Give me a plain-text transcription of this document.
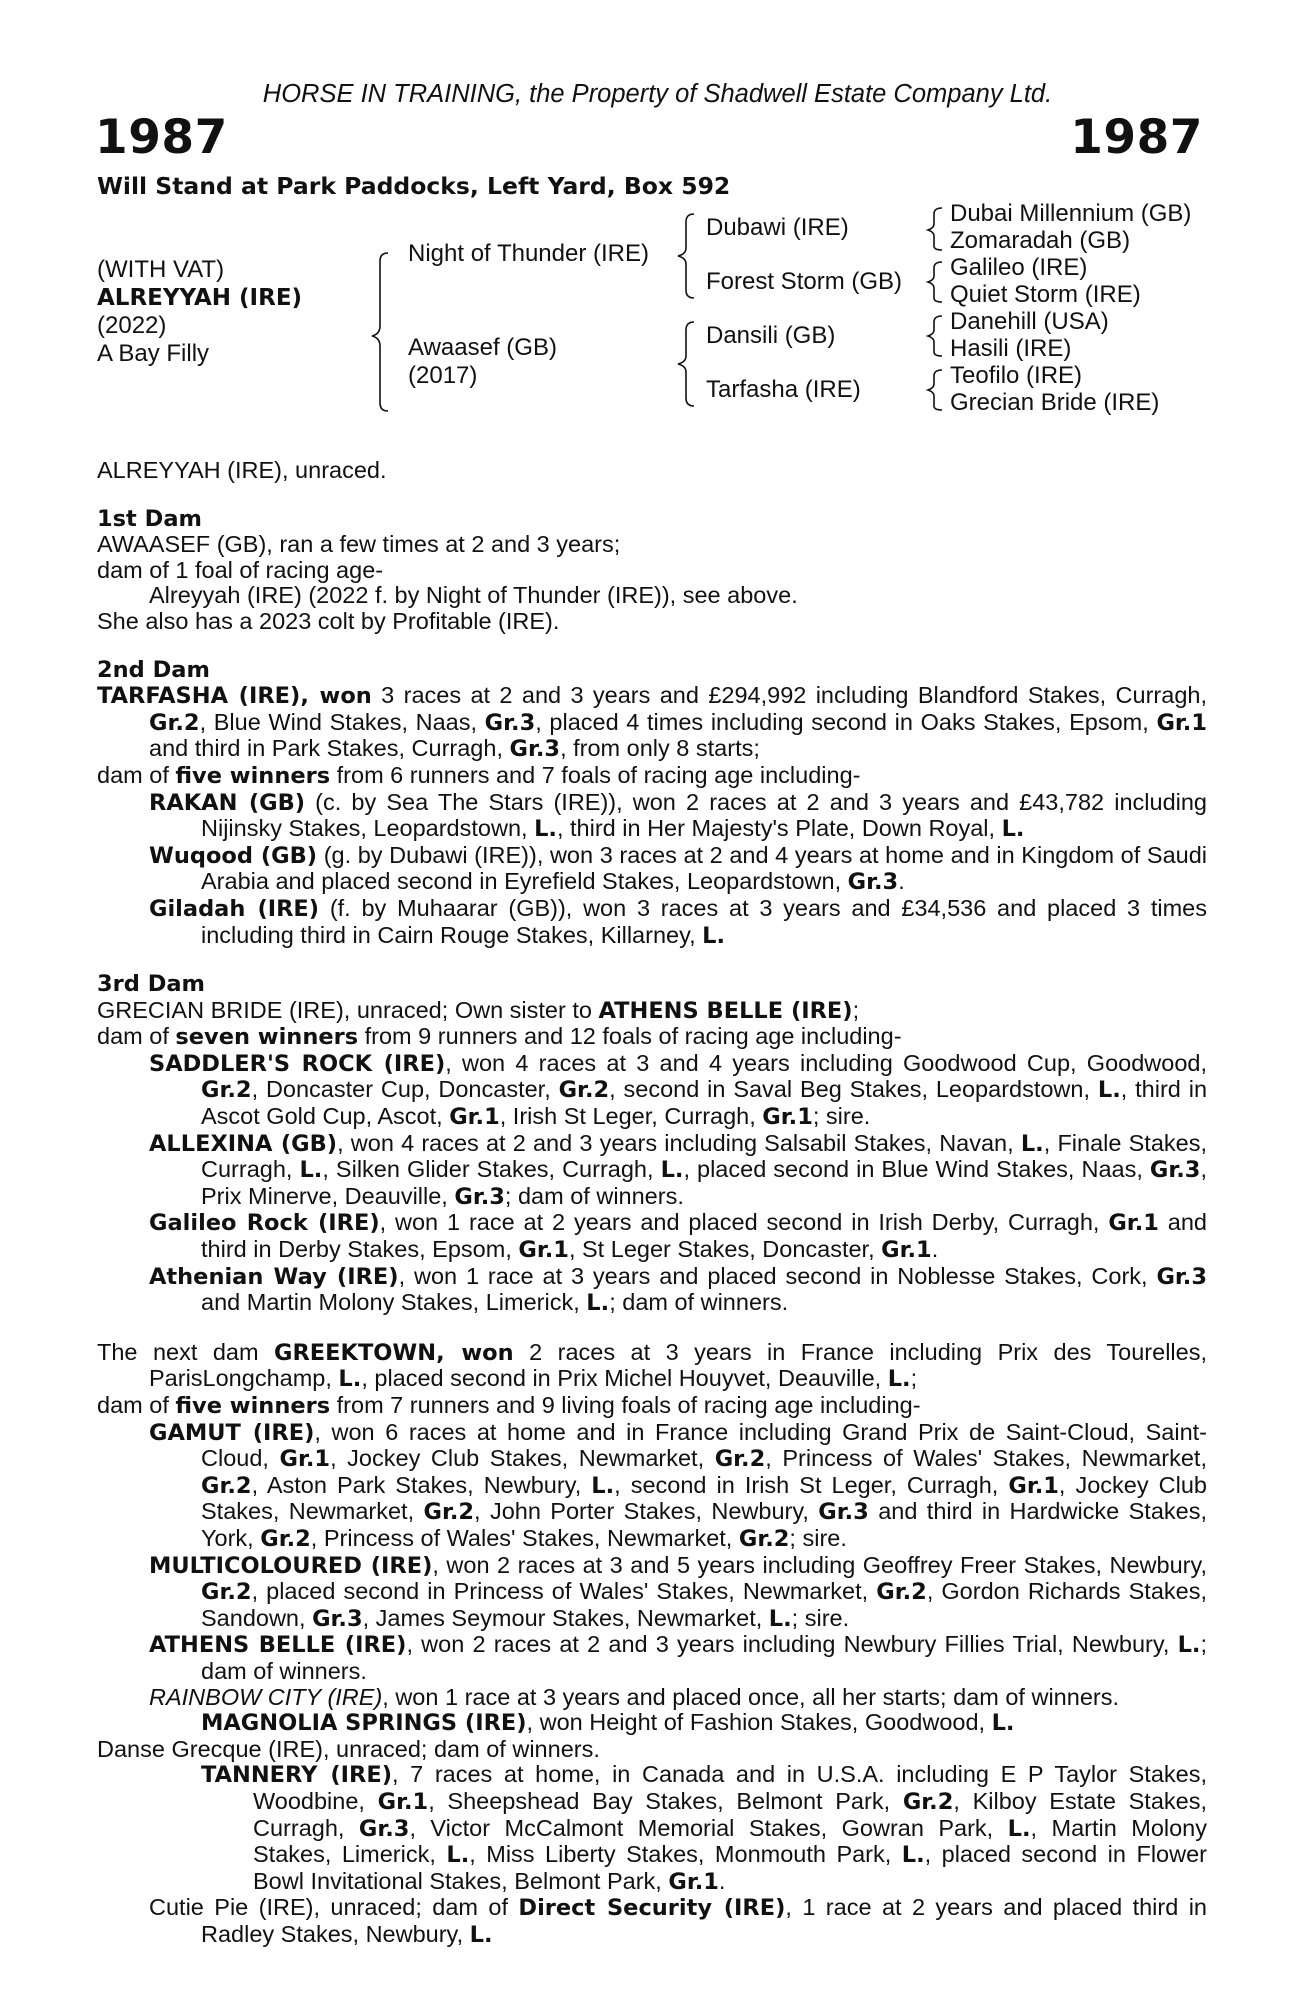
HORSE IN TRAINING, the Property of Shadwell Estate Company Ltd.
1987	1987
Will Stand at Park Paddocks, Left Yard, Box 592
(WITH VAT)
ALREYYAH (IRE)
(2022)
A Bay Filly
Night of Thunder (IRE)
Awaasef (GB)
(2017)
Dubawi (IRE)
Forest Storm (GB)
Dansili (GB)
Tarfasha (IRE)
Dubai Millennium (GB)
Zomaradah (GB)
Galileo (IRE)
Quiet Storm (IRE)
Danehill (USA)
Hasili (IRE)
Teofilo (IRE)
Grecian Bride (IRE)

ALREYYAH (IRE), unraced.

1st Dam

AWAASEF (GB), ran a few times at 2 and 3 years;

dam of 1 foal of racing age-

Alreyyah (IRE) (2022 f. by Night of Thunder (IRE)), see above.

She also has a 2023 colt by Profitable (IRE).

2nd Dam

TARFASHA (IRE), won 3 races at 2 and 3 years and £294,992 including Blandford Stakes, Curragh, Gr.2, Blue Wind Stakes, Naas, Gr.3, placed 4 times including second in Oaks Stakes, Epsom, Gr.1 and third in Park Stakes, Curragh, Gr.3, from only 8 starts;

dam of five winners from 6 runners and 7 foals of racing age including-

RAKAN (GB) (c. by Sea The Stars (IRE)), won 2 races at 2 and 3 years and £43,782 including Nijinsky Stakes, Leopardstown, L., third in Her Majesty's Plate, Down Royal, L.

Wuqood (GB) (g. by Dubawi (IRE)), won 3 races at 2 and 4 years at home and in Kingdom of Saudi Arabia and placed second in Eyrefield Stakes, Leopardstown, Gr.3.

Giladah (IRE) (f. by Muhaarar (GB)), won 3 races at 3 years and £34,536 and placed 3 times including third in Cairn Rouge Stakes, Killarney, L.

3rd Dam

GRECIAN BRIDE (IRE), unraced; Own sister to ATHENS BELLE (IRE);

dam of seven winners from 9 runners and 12 foals of racing age including-

SADDLER'S ROCK (IRE), won 4 races at 3 and 4 years including Goodwood Cup, Goodwood, Gr.2, Doncaster Cup, Doncaster, Gr.2, second in Saval Beg Stakes, Leopardstown, L., third in Ascot Gold Cup, Ascot, Gr.1, Irish St Leger, Curragh, Gr.1; sire.

ALLEXINA (GB), won 4 races at 2 and 3 years including Salsabil Stakes, Navan, L., Finale Stakes, Curragh, L., Silken Glider Stakes, Curragh, L., placed second in Blue Wind Stakes, Naas, Gr.3, Prix Minerve, Deauville, Gr.3; dam of winners.

Galileo Rock (IRE), won 1 race at 2 years and placed second in Irish Derby, Curragh, Gr.1 and third in Derby Stakes, Epsom, Gr.1, St Leger Stakes, Doncaster, Gr.1.

Athenian Way (IRE), won 1 race at 3 years and placed second in Noblesse Stakes, Cork, Gr.3 and Martin Molony Stakes, Limerick, L.; dam of winners.

The next dam GREEKTOWN, won 2 races at 3 years in France including Prix des Tourelles, ParisLongchamp, L., placed second in Prix Michel Houyvet, Deauville, L.;

dam of five winners from 7 runners and 9 living foals of racing age including-

GAMUT (IRE), won 6 races at home and in France including Grand Prix de Saint-Cloud, Saint-Cloud, Gr.1, Jockey Club Stakes, Newmarket, Gr.2, Princess of Wales' Stakes, Newmarket, Gr.2, Aston Park Stakes, Newbury, L., second in Irish St Leger, Curragh, Gr.1, Jockey Club Stakes, Newmarket, Gr.2, John Porter Stakes, Newbury, Gr.3 and third in Hardwicke Stakes, York, Gr.2, Princess of Wales' Stakes, Newmarket, Gr.2; sire.

MULTICOLOURED (IRE), won 2 races at 3 and 5 years including Geoffrey Freer Stakes, Newbury, Gr.2, placed second in Princess of Wales' Stakes, Newmarket, Gr.2, Gordon Richards Stakes, Sandown, Gr.3, James Seymour Stakes, Newmarket, L.; sire.

ATHENS BELLE (IRE), won 2 races at 2 and 3 years including Newbury Fillies Trial, Newbury, L.; dam of winners.

RAINBOW CITY (IRE), won 1 race at 3 years and placed once, all her starts; dam of winners.

MAGNOLIA SPRINGS (IRE), won Height of Fashion Stakes, Goodwood, L.

Danse Grecque (IRE), unraced; dam of winners.

TANNERY (IRE), 7 races at home, in Canada and in U.S.A. including E P Taylor Stakes, Woodbine, Gr.1, Sheepshead Bay Stakes, Belmont Park, Gr.2, Kilboy Estate Stakes, Curragh, Gr.3, Victor McCalmont Memorial Stakes, Gowran Park, L., Martin Molony Stakes, Limerick, L., Miss Liberty Stakes, Monmouth Park, L., placed second in Flower Bowl Invitational Stakes, Belmont Park, Gr.1.

Cutie Pie (IRE), unraced; dam of Direct Security (IRE), 1 race at 2 years and placed third in Radley Stakes, Newbury, L.
